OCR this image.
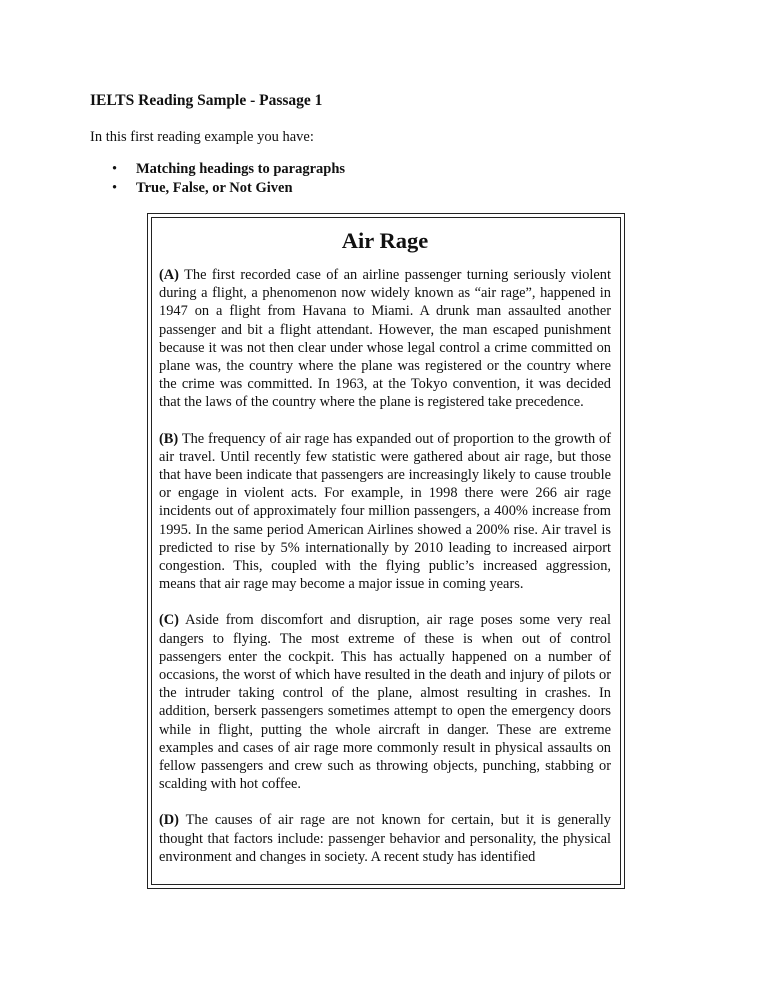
IELTS Reading Sample - Passage 1

In this first reading example you have:

• Matching headings to paragraphs
• True, False, or Not Given
Air Rage

(A) The first recorded case of an airline passenger turning seriously violent during a flight, a phenomenon now widely known as “air rage”, happened in 1947 on a flight from Havana to Miami. A drunk man assaulted another passenger and bit a flight attendant. However, the man escaped punishment because it was not then clear under whose legal control a crime committed on plane was, the country where the plane was registered or the country where the crime was committed. In 1963, at the Tokyo convention, it was decided that the laws of the country where the plane is registered take precedence.

(B) The frequency of air rage has expanded out of proportion to the growth of air travel. Until recently few statistic were gathered about air rage, but those that have been indicate that passengers are increasingly likely to cause trouble or engage in violent acts. For example, in 1998 there were 266 air rage incidents out of approximately four million passengers, a 400% increase from 1995. In the same period American Airlines showed a 200% rise. Air travel is predicted to rise by 5% internationally by 2010 leading to increased airport congestion. This, coupled with the flying public’s increased aggression, means that air rage may become a major issue in coming years.

(C) Aside from discomfort and disruption, air rage poses some very real dangers to flying. The most extreme of these is when out of control passengers enter the cockpit. This has actually happened on a number of occasions, the worst of which have resulted in the death and injury of pilots or the intruder taking control of the plane, almost resulting in crashes. In addition, berserk passengers sometimes attempt to open the emergency doors while in flight, putting the whole aircraft in danger. These are extreme examples and cases of air rage more commonly result in physical assaults on fellow passengers and crew such as throwing objects, punching, stabbing or scalding with hot coffee.

(D) The causes of air rage are not known for certain, but it is generally thought that factors include: passenger behavior and personality, the physical environment and changes in society. A recent study has identified
